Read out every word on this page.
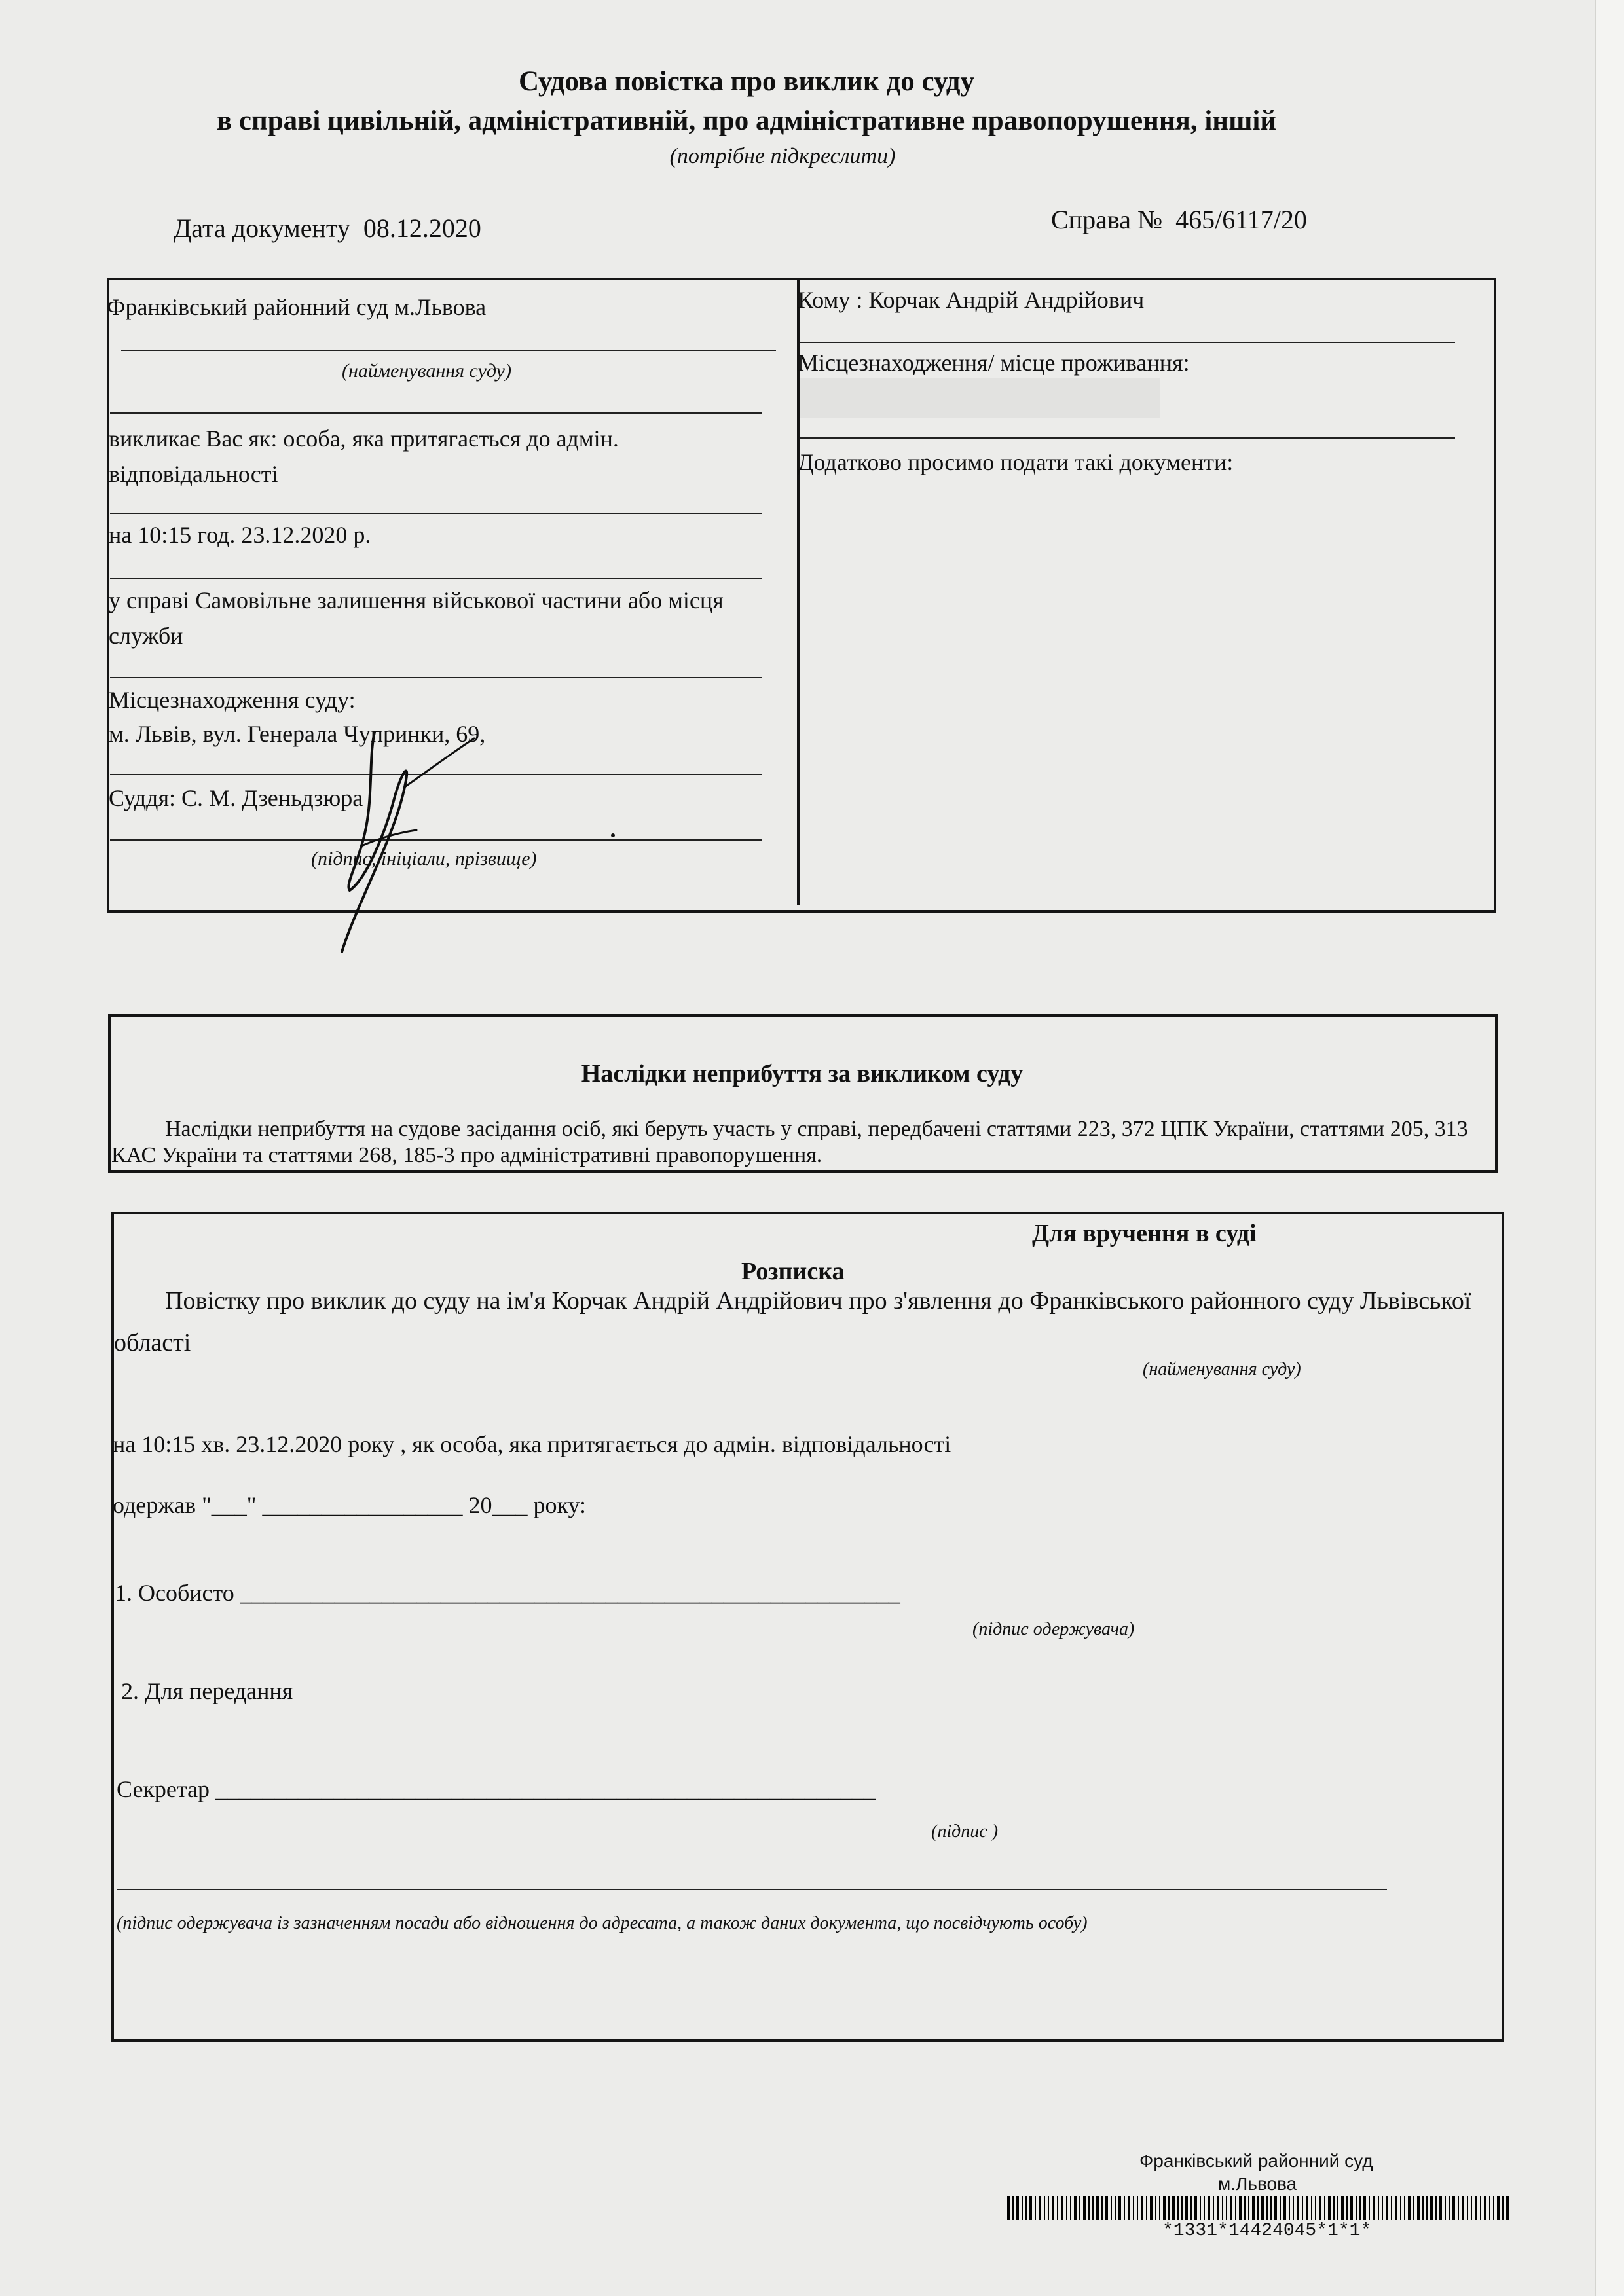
Судова повістка про виклик до суду
в справі цивільній, адміністративній, про адміністративне правопорушення, іншій
(потрібне підкреслити)
Дата документу 08.12.2020	Справа № 465/6117/20
Франківський районний суд м.Львова
(найменування суду)
викликає Вас як: особа, яка притягається до адмін. відповідальності
на 10:15 год. 23.12.2020 р.
у справі Самовільне залишення військової частини або місця служби
Місцезнаходження суду:
м. Львів, вул. Генерала Чупринки, 69,
Суддя: С. М. Дзеньдзюра
(підпис, ініціали, прізвище)
Кому : Корчак Андрій Андрійович
Місцезнаходження/ місце проживання:
Додатково просимо подати такі документи:
Наслідки неприбуття за викликом суду
Наслідки неприбуття на судове засідання осіб, які беруть участь у справі, передбачені статтями 223, 372 ЦПК України, статтями 205, 313 КАС України та статтями 268, 185-3 про адміністративні правопорушення.
Для вручення в суді
Розписка
Повістку про виклик до суду на ім'я Корчак Андрій Андрійович про з'явлення до Франківського районного суду Львівської області
(найменування суду)
на 10:15 хв. 23.12.2020 року , як особа, яка притягається до адмін. відповідальності
одержав "___" _________________ 20___ року:
1. Особисто ________________________________________________________
(підпис одержувача)
2. Для передання
Секретар ________________________________________________________
(підпис )
(підпис одержувача із зазначенням посади або відношення до адресата, а також даних документа, що посвідчують особу)
Франківський районний суд
м.Львова
*1331*14424045*1*1*
